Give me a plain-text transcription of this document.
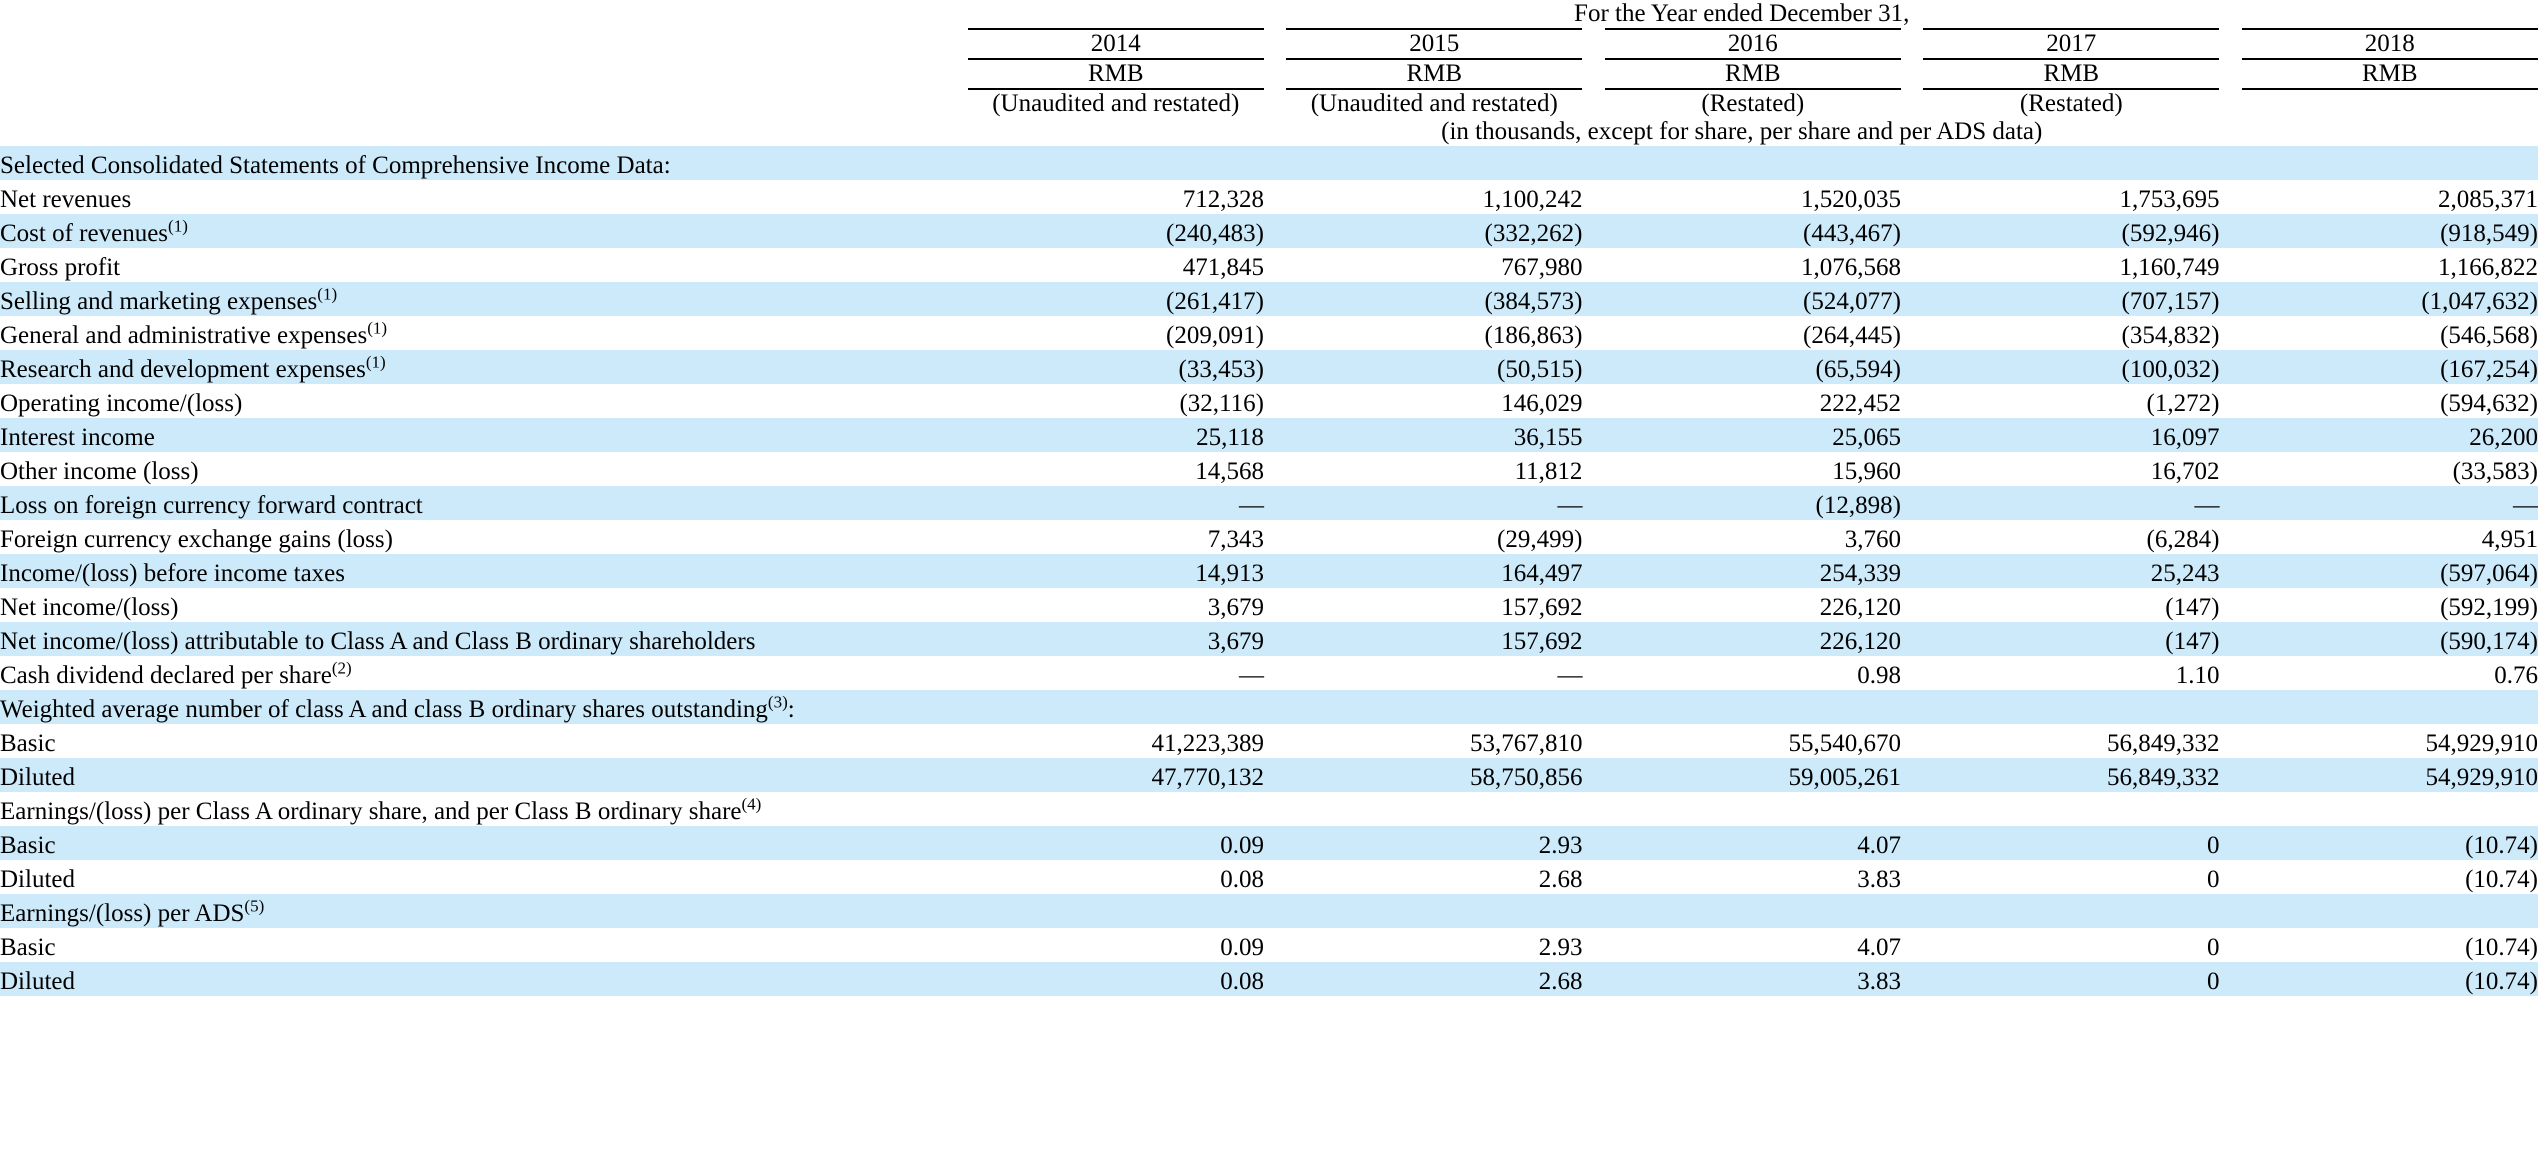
	For the Year ended December 31,									
		2014		2015		2016		2017		2018
		RMB		RMB		RMB		RMB		RMB
		(Unaudited and restated)		(Unaudited and restated)		(Restated)		(Restated)		
	(in thousands, except for share, per share and per ADS data)									
Selected Consolidated Statements of Comprehensive Income Data:										
Net revenues		712,328		1,100,242		1,520,035		1,753,695		2,085,371
Cost of revenues$^{(1)}$		(240,483)		(332,262)		(443,467)		(592,946)		(918,549)
Gross profit		471,845		767,980		1,076,568		1,160,749		1,166,822
Selling and marketing expenses$^{(1)}$		(261,417)		(384,573)		(524,077)		(707,157)		(1,047,632)
General and administrative expenses$^{(1)}$		(209,091)		(186,863)		(264,445)		(354,832)		(546,568)
Research and development expenses$^{(1)}$		(33,453)		(50,515)		(65,594)		(100,032)		(167,254)
Operating income/(loss)		(32,116)		146,029		222,452		(1,272)		(594,632)
Interest income		25,118		36,155		25,065		16,097		26,200
Other income (loss)		14,568		11,812		15,960		16,702		(33,583)
Loss on foreign currency forward contract		—		—		(12,898)		—		—
Foreign currency exchange gains (loss)		7,343		(29,499)		3,760		(6,284)		4,951
Income/(loss) before income taxes		14,913		164,497		254,339		25,243		(597,064)
Net income/(loss)		3,679		157,692		226,120		(147)		(592,199)
Net income/(loss) attributable to Class A and Class B ordinary shareholders		3,679		157,692		226,120		(147)		(590,174)
Cash dividend declared per share$^{(2)}$		—		—		0.98		1.10		0.76
Weighted average number of class A and class B ordinary shares outstanding$^{(3)}$:										
Basic		41,223,389		53,767,810		55,540,670		56,849,332		54,929,910
Diluted		47,770,132		58,750,856		59,005,261		56,849,332		54,929,910
Earnings/(loss) per Class A ordinary share, and per Class B ordinary share$^{(4)}$										
Basic		0.09		2.93		4.07		0		(10.74)
Diluted		0.08		2.68		3.83		0		(10.74)
Earnings/(loss) per ADS$^{(5)}$										
Basic		0.09		2.93		4.07		0		(10.74)
Diluted		0.08		2.68		3.83		0		(10.74)
